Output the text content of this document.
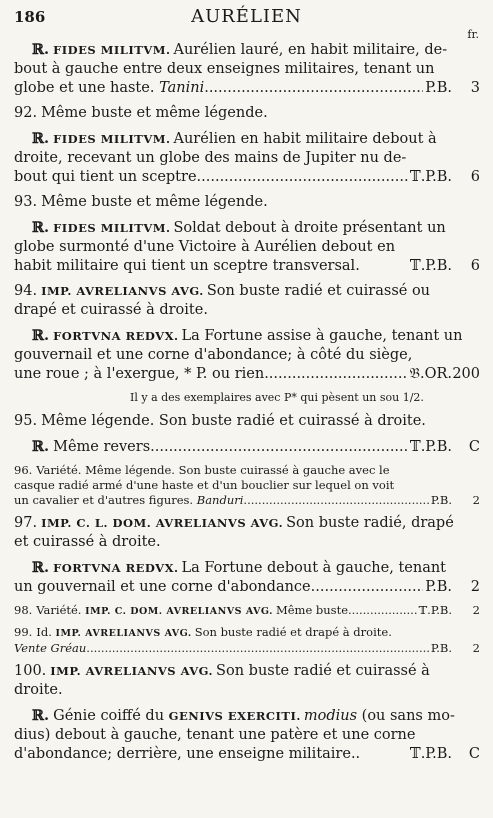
186	AURÉLIEN
fr.
ℝ. FIDES MILITVM. Aurélien lauré, en habit militaire, de-
bout à gauche entre deux enseignes militaires, tenant un
globe et une haste. Tanini .....	P.B.	3
92. Même buste et même légende.
ℝ. FIDES MILITVM. Aurélien en habit militaire debout à
droite, recevant un globe des mains de Jupiter nu de-
bout qui tient un sceptre .....	𝕋.P.B.	6
93. Même buste et même légende.
ℝ. FIDES MILITVM. Soldat debout à droite présentant un
globe surmonté d'une Victoire à Aurélien debout en
habit militaire qui tient un sceptre transversal.	𝕋.P.B.	6
94. IMP. AVRELIANVS AVG. Son buste radié et cuirassé ou
drapé et cuirassé à droite.
ℝ. FORTVNA REDVX. La Fortune assise à gauche, tenant un
gouvernail et une corne d'abondance; à côté du siège,
une roue ; à l'exergue, * P. ou rien .....	𝔅.OR. 200
Il y a des exemplaires avec P* qui pèsent un sou 1/2.
95. Même légende. Son buste radié et cuirassé à droite.
ℝ. Même revers .....	𝕋.P.B.	C
96. Variété. Même légende. Son buste cuirassé à gauche avec le
casque radié armé d'une haste et d'un bouclier sur lequel on voit
un cavalier et d'autres figures. Banduri .....	P.B.	2
97. IMP. C. L. DOM. AVRELIANVS AVG. Son buste radié, drapé
et cuirassé à droite.
ℝ. FORTVNA REDVX. La Fortune debout à gauche, tenant
un gouvernail et une corne d'abondance .....	P.B.	2
98. Variété. IMP. C. DOM. AVRELIANVS AVG. Même buste .....	𝕋.P.B.	2
99. Id. IMP. AVRELIANVS AVG. Son buste radié et drapé à droite.
Vente Gréau .....	P.B.	2
100. IMP. AVRELIANVS AVG. Son buste radié et cuirassé à
droite.
ℝ. Génie coiffé du GENIVS EXERCITI. modius (ou sans mo-
dius) debout à gauche, tenant une patère et une corne
d'abondance; derrière, une enseigne militaire..	𝕋.P.B.	C
